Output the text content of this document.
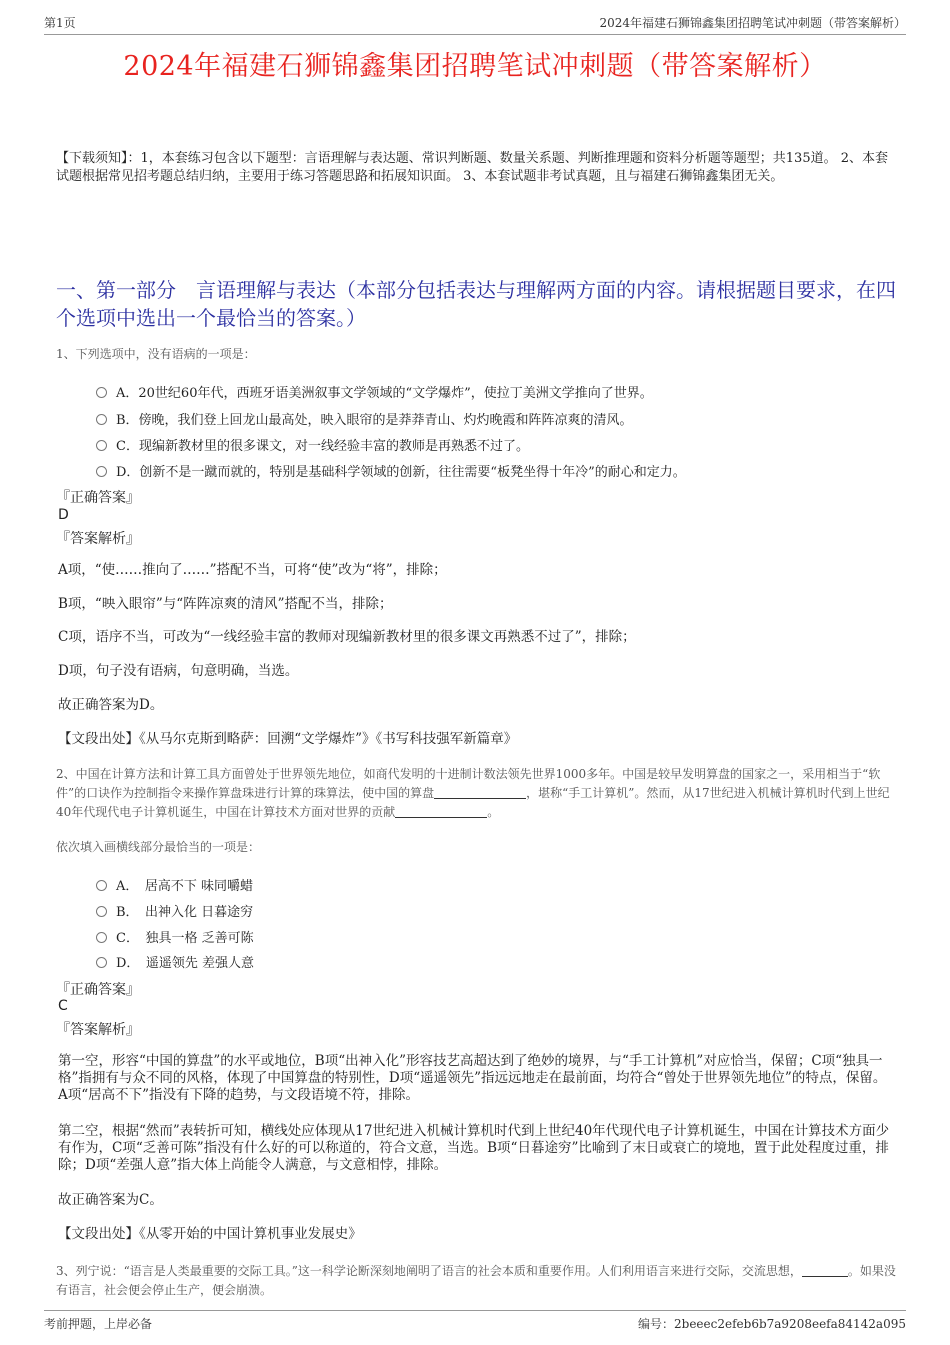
第1页	2024年福建石狮锦鑫集团招聘笔试冲刺题（带答案解析）
2024年福建石狮锦鑫集团招聘笔试冲刺题（带答案解析）
【下载须知】：1，本套练习包含以下题型：言语理解与表达题、常识判断题、数量关系题、判断推理题和资料分析题等题型；共135道。 2、本套试题根据常见招考题总结归纳，主要用于练习答题思路和拓展知识面。 3、本套试题非考试真题，且与福建石狮锦鑫集团无关。
一、第一部分　言语理解与表达（本部分包括表达与理解两方面的内容。请根据题目要求，在四个选项中选出一个最恰当的答案。）
1、下列选项中，没有语病的一项是：
A．20世纪60年代，西班牙语美洲叙事文学领域的“文学爆炸”，使拉丁美洲文学推向了世界。
B．傍晚，我们登上回龙山最高处，映入眼帘的是莽莽青山、灼灼晚霞和阵阵凉爽的清风。
C．现编新教材里的很多课文，对一线经验丰富的教师是再熟悉不过了。
D．创新不是一蹴而就的，特别是基础科学领域的创新，往往需要“板凳坐得十年冷”的耐心和定力。
『正确答案』
D
『答案解析』
A项，“使……推向了……”搭配不当，可将“使”改为“将”，排除；
B项，“映入眼帘”与“阵阵凉爽的清风”搭配不当，排除；
C项，语序不当，可改为“一线经验丰富的教师对现编新教材里的很多课文再熟悉不过了”，排除；
D项，句子没有语病，句意明确，当选。
故正确答案为D。
【文段出处】《从马尔克斯到略萨：回溯“文学爆炸”》《书写科技强军新篇章》
2、中国在计算方法和计算工具方面曾处于世界领先地位，如商代发明的十进制计数法领先世界1000多年。中国是较早发明算盘的国家之一，采用相当于“软件”的口诀作为控制指令来操作算盘珠进行计算的珠算法，使中国的算盘	，堪称“手工计算机”。然而，从17世纪进入机械计算机时代到上世纪40年代现代电子计算机诞生，中国在计算技术方面对世界的贡献	。
依次填入画横线部分最恰当的一项是：
A．　居高不下 味同嚼蜡
B．　出神入化 日暮途穷
C．　独具一格 乏善可陈
D．　遥遥领先 差强人意
『正确答案』
C
『答案解析』
第一空，形容“中国的算盘”的水平或地位，B项“出神入化”形容技艺高超达到了绝妙的境界，与“手工计算机”对应恰当，保留；C项“独具一格”指拥有与众不同的风格，体现了中国算盘的特别性，D项“遥遥领先”指远远地走在最前面，均符合“曾处于世界领先地位”的特点，保留。A项“居高不下”指没有下降的趋势，与文段语境不符，排除。
第二空，根据“然而”表转折可知，横线处应体现从17世纪进入机械计算机时代到上世纪40年代现代电子计算机诞生，中国在计算技术方面少有作为，C项“乏善可陈”指没有什么好的可以称道的，符合文意，当选。B项“日暮途穷”比喻到了末日或衰亡的境地，置于此处程度过重，排除；D项“差强人意”指大体上尚能令人满意，与文意相悖，排除。
故正确答案为C。
【文段出处】《从零开始的中国计算机事业发展史》
3、列宁说：“语言是人类最重要的交际工具。”这一科学论断深刻地阐明了语言的社会本质和重要作用。人们利用语言来进行交际，交流思想，	。如果没有语言，社会便会停止生产，便会崩溃。
考前押题，上岸必备	编号：2beeec2efeb6b7a9208eefa84142a095
